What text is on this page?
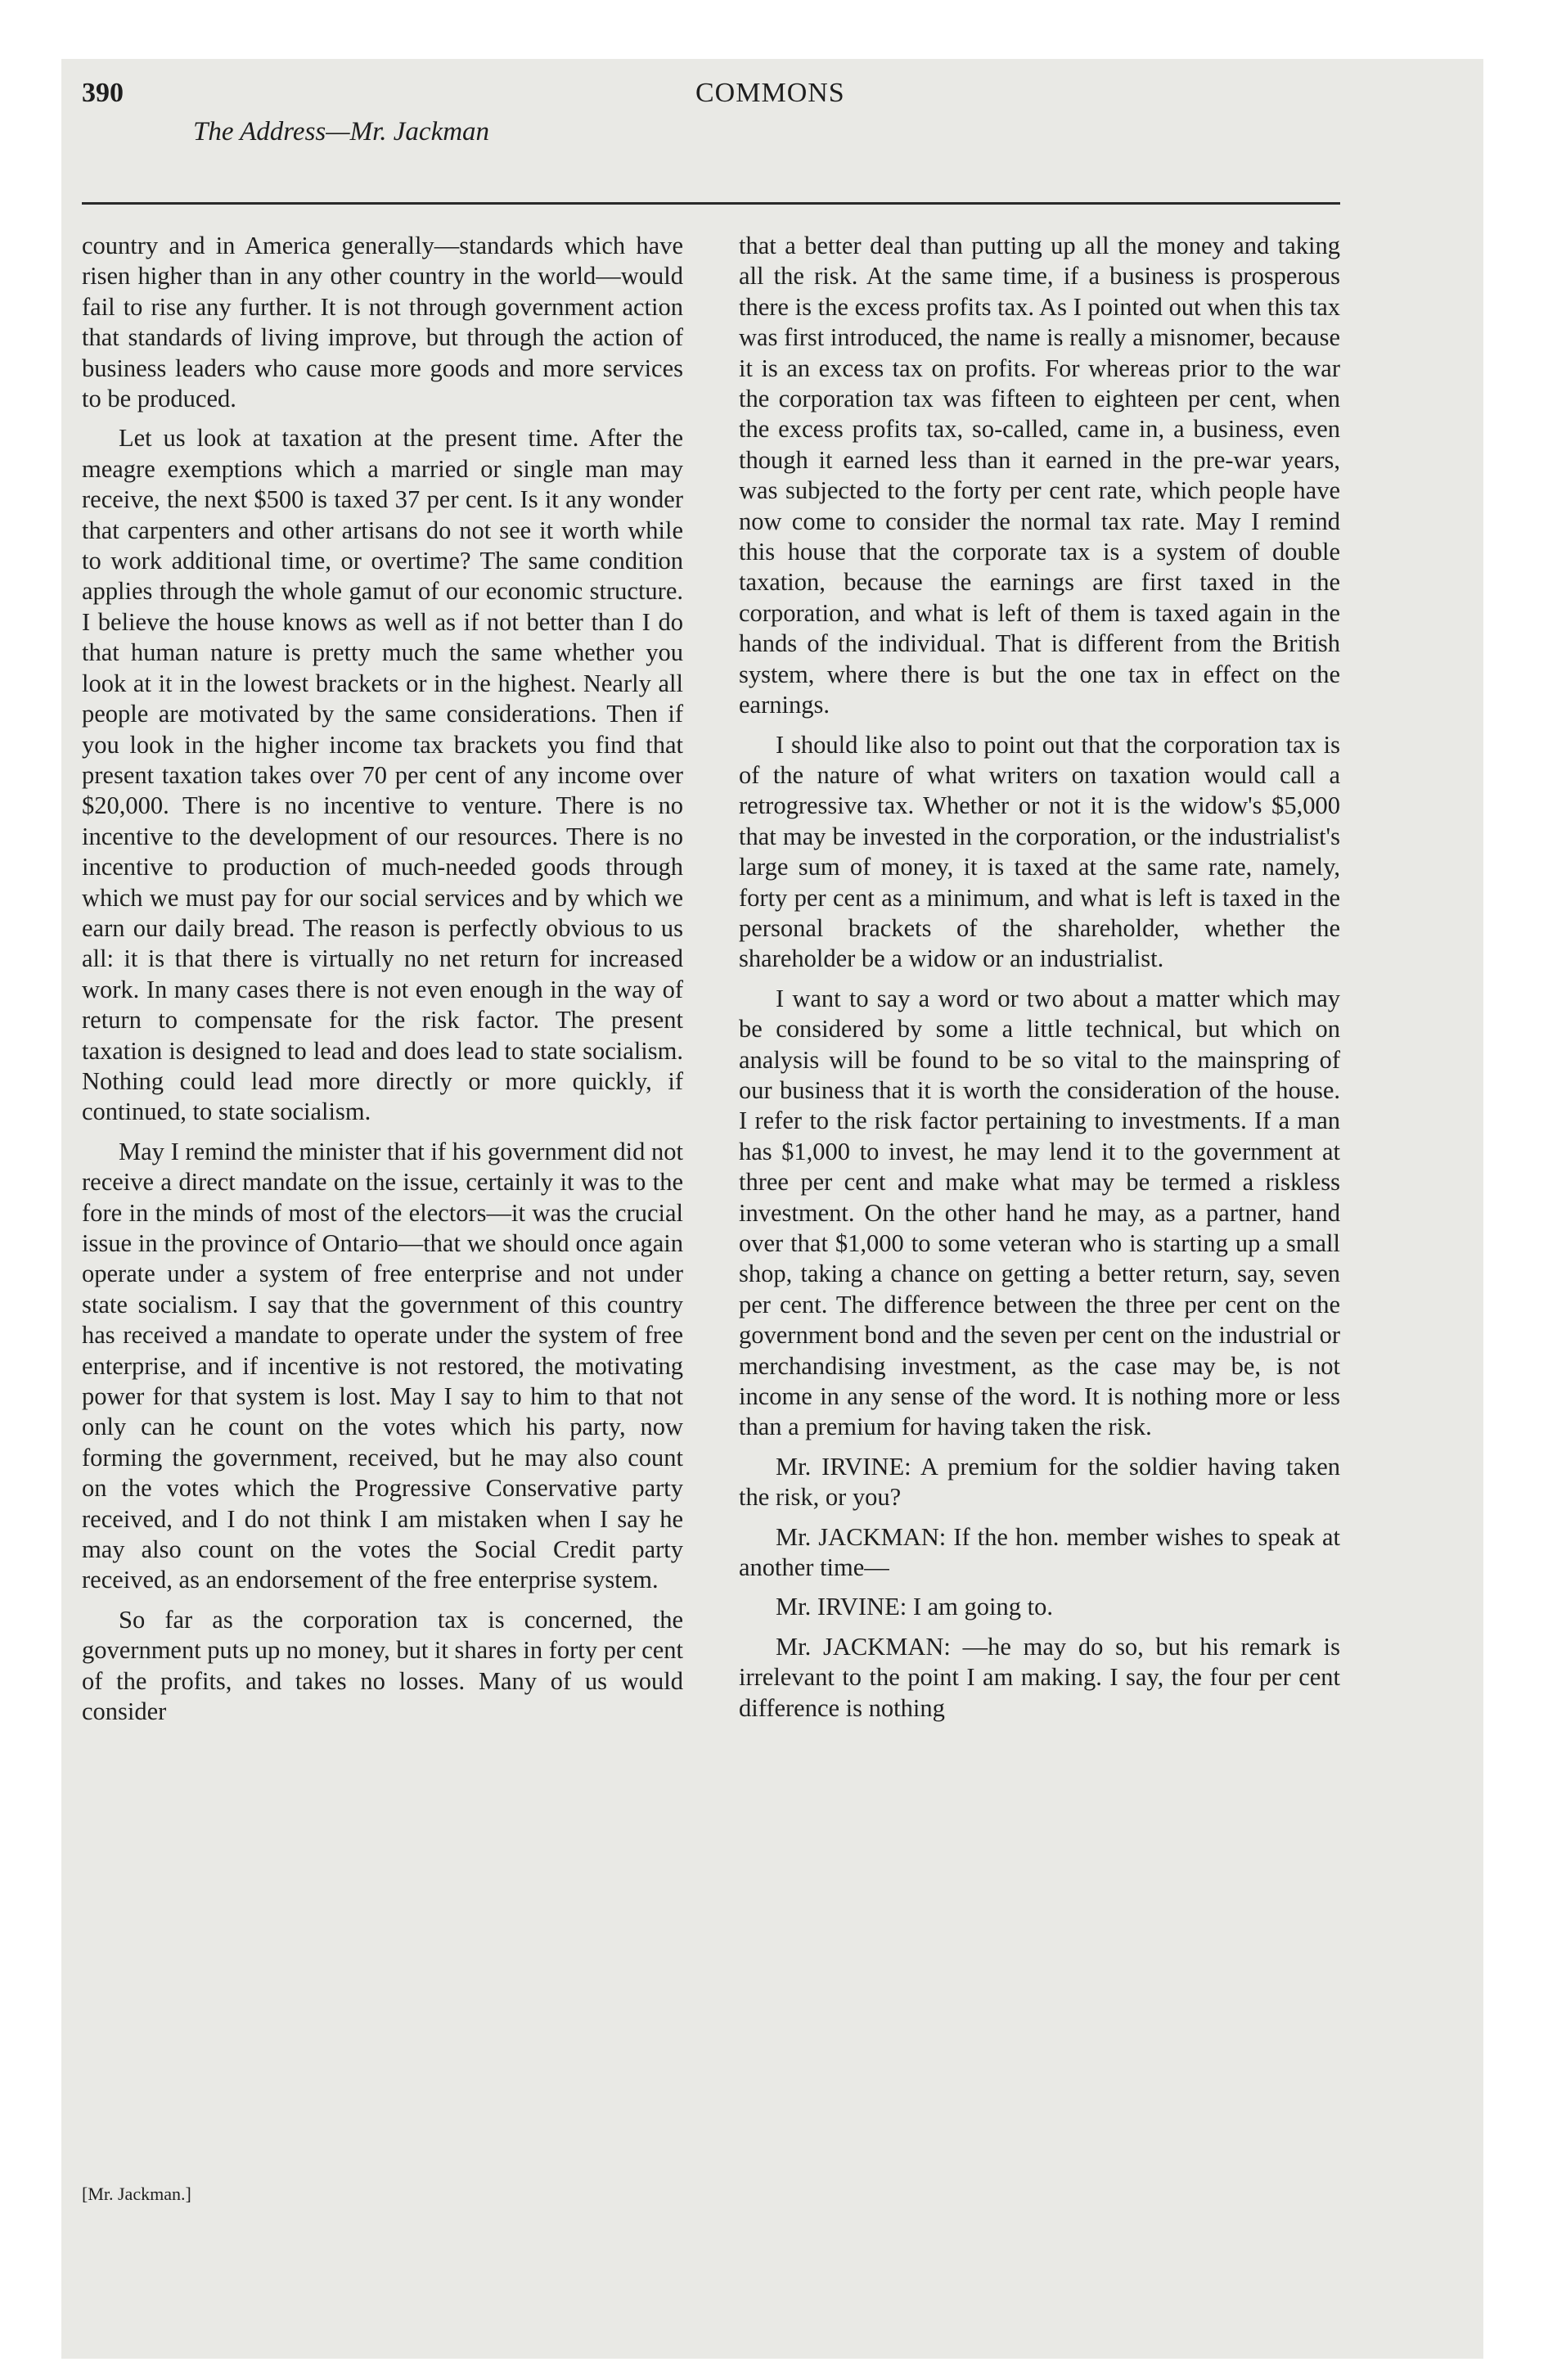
390	COMMONS
The Address—Mr. Jackman

country and in America generally—standards which have risen higher than in any other country in the world—would fail to rise any further. It is not through government action that standards of living improve, but through the action of business leaders who cause more goods and more services to be produced.

Let us look at taxation at the present time. After the meagre exemptions which a married or single man may receive, the next $500 is taxed 37 per cent. Is it any wonder that carpenters and other artisans do not see it worth while to work additional time, or overtime? The same condition applies through the whole gamut of our economic structure. I believe the house knows as well as if not better than I do that human nature is pretty much the same whether you look at it in the lowest brackets or in the highest. Nearly all people are motivated by the same considerations. Then if you look in the higher income tax brackets you find that present taxation takes over 70 per cent of any income over $20,000. There is no incentive to venture. There is no incentive to the development of our resources. There is no incentive to production of much-needed goods through which we must pay for our social services and by which we earn our daily bread. The reason is perfectly obvious to us all: it is that there is virtually no net return for increased work. In many cases there is not even enough in the way of return to compensate for the risk factor. The present taxation is designed to lead and does lead to state socialism. Nothing could lead more directly or more quickly, if continued, to state socialism.

May I remind the minister that if his government did not receive a direct mandate on the issue, certainly it was to the fore in the minds of most of the electors—it was the crucial issue in the province of Ontario—that we should once again operate under a system of free enterprise and not under state socialism. I say that the government of this country has received a mandate to operate under the system of free enterprise, and if incentive is not restored, the motivating power for that system is lost. May I say to him to that not only can he count on the votes which his party, now forming the government, received, but he may also count on the votes which the Progressive Conservative party received, and I do not think I am mistaken when I say he may also count on the votes the Social Credit party received, as an endorsement of the free enterprise system.

So far as the corporation tax is concerned, the government puts up no money, but it shares in forty per cent of the profits, and takes no losses. Many of us would consider

that a better deal than putting up all the money and taking all the risk. At the same time, if a business is prosperous there is the excess profits tax. As I pointed out when this tax was first introduced, the name is really a misnomer, because it is an excess tax on profits. For whereas prior to the war the corporation tax was fifteen to eighteen per cent, when the excess profits tax, so-called, came in, a business, even though it earned less than it earned in the pre-war years, was subjected to the forty per cent rate, which people have now come to consider the normal tax rate. May I remind this house that the corporate tax is a system of double taxation, because the earnings are first taxed in the corporation, and what is left of them is taxed again in the hands of the individual. That is different from the British system, where there is but the one tax in effect on the earnings.

I should like also to point out that the corporation tax is of the nature of what writers on taxation would call a retrogressive tax. Whether or not it is the widow's $5,000 that may be invested in the corporation, or the industrialist's large sum of money, it is taxed at the same rate, namely, forty per cent as a minimum, and what is left is taxed in the personal brackets of the shareholder, whether the shareholder be a widow or an industrialist.

I want to say a word or two about a matter which may be considered by some a little technical, but which on analysis will be found to be so vital to the mainspring of our business that it is worth the consideration of the house. I refer to the risk factor pertaining to investments. If a man has $1,000 to invest, he may lend it to the government at three per cent and make what may be termed a riskless investment. On the other hand he may, as a partner, hand over that $1,000 to some veteran who is starting up a small shop, taking a chance on getting a better return, say, seven per cent. The difference between the three per cent on the government bond and the seven per cent on the industrial or merchandising investment, as the case may be, is not income in any sense of the word. It is nothing more or less than a premium for having taken the risk.

Mr. IRVINE: A premium for the soldier having taken the risk, or you?

Mr. JACKMAN: If the hon. member wishes to speak at another time—

Mr. IRVINE: I am going to.

Mr. JACKMAN: —he may do so, but his remark is irrelevant to the point I am making. I say, the four per cent difference is nothing

[Mr. Jackman.]
